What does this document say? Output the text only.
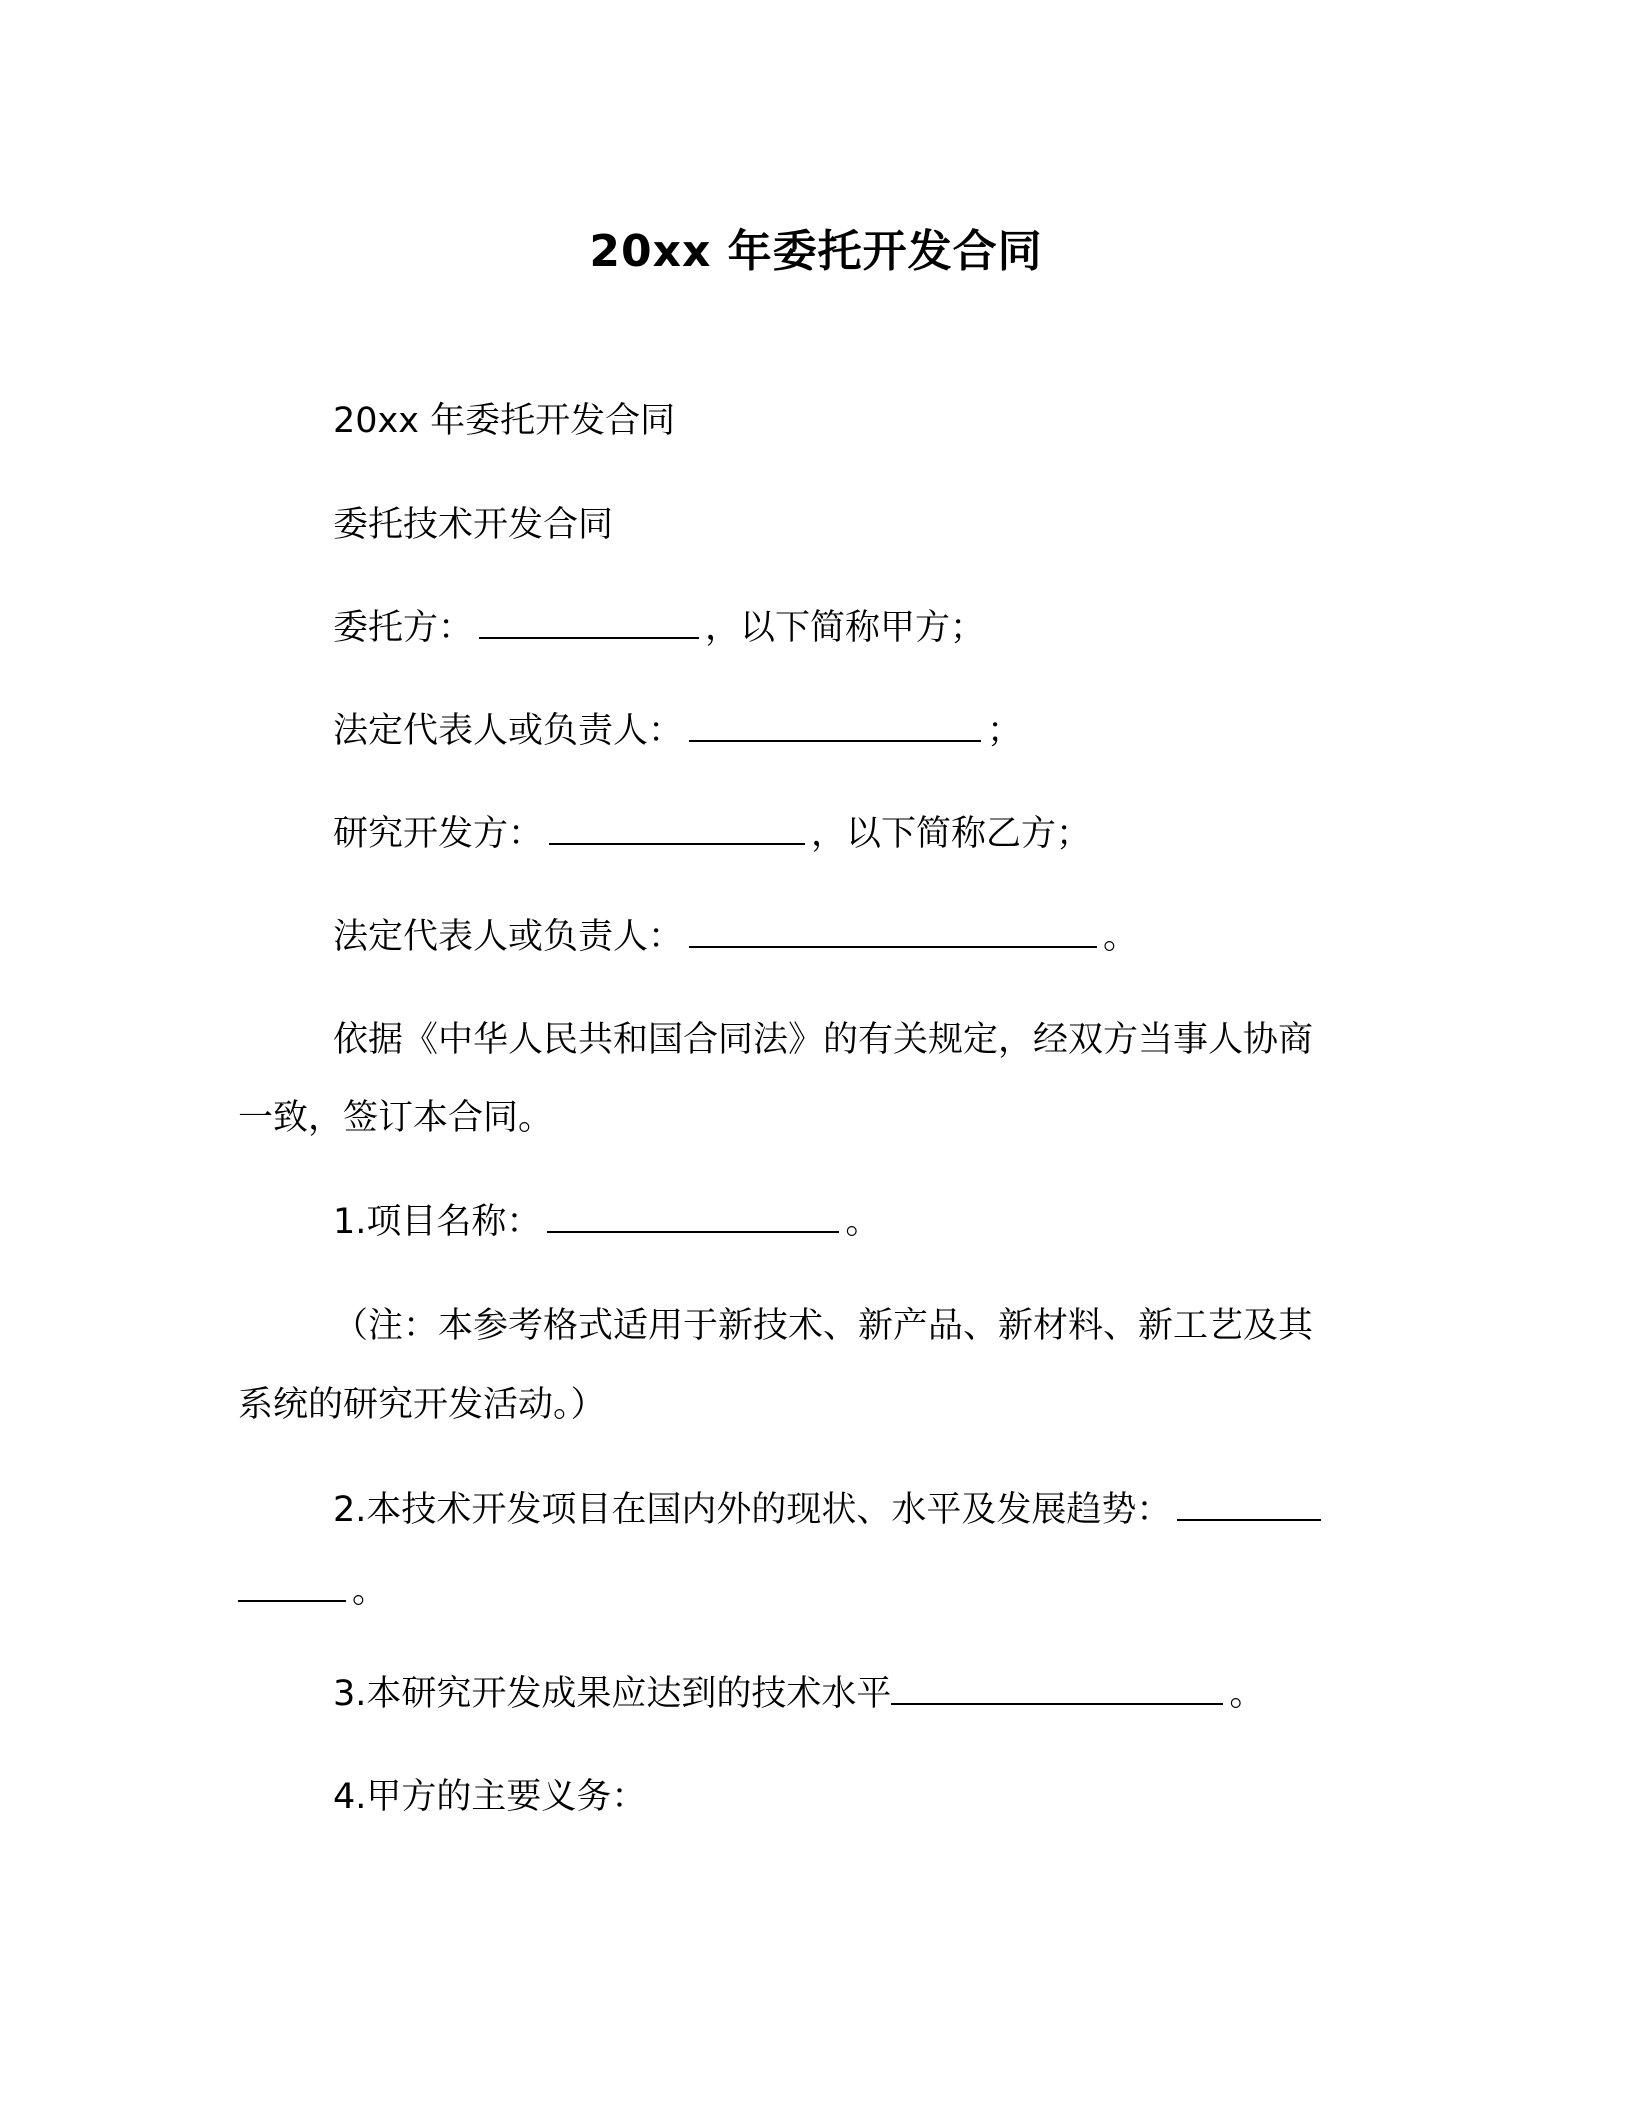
20xx 年委托开发合同
20xx 年委托开发合同
委托技术开发合同
委托方：	，以下简称甲方；
法定代表人或负责人：	；
研究开发方：	，以下简称乙方；
法定代表人或负责人：	。
依据《中华人民共和国合同法》的有关规定，经双方当事人协商
一致，签订本合同。
1.项目名称：	。
（注：本参考格式适用于新技术、新产品、新材料、新工艺及其
系统的研究开发活动。）
2.本技术开发项目在国内外的现状、水平及发展趋势：
。
3.本研究开发成果应达到的技术水平	。
4.甲方的主要义务：
